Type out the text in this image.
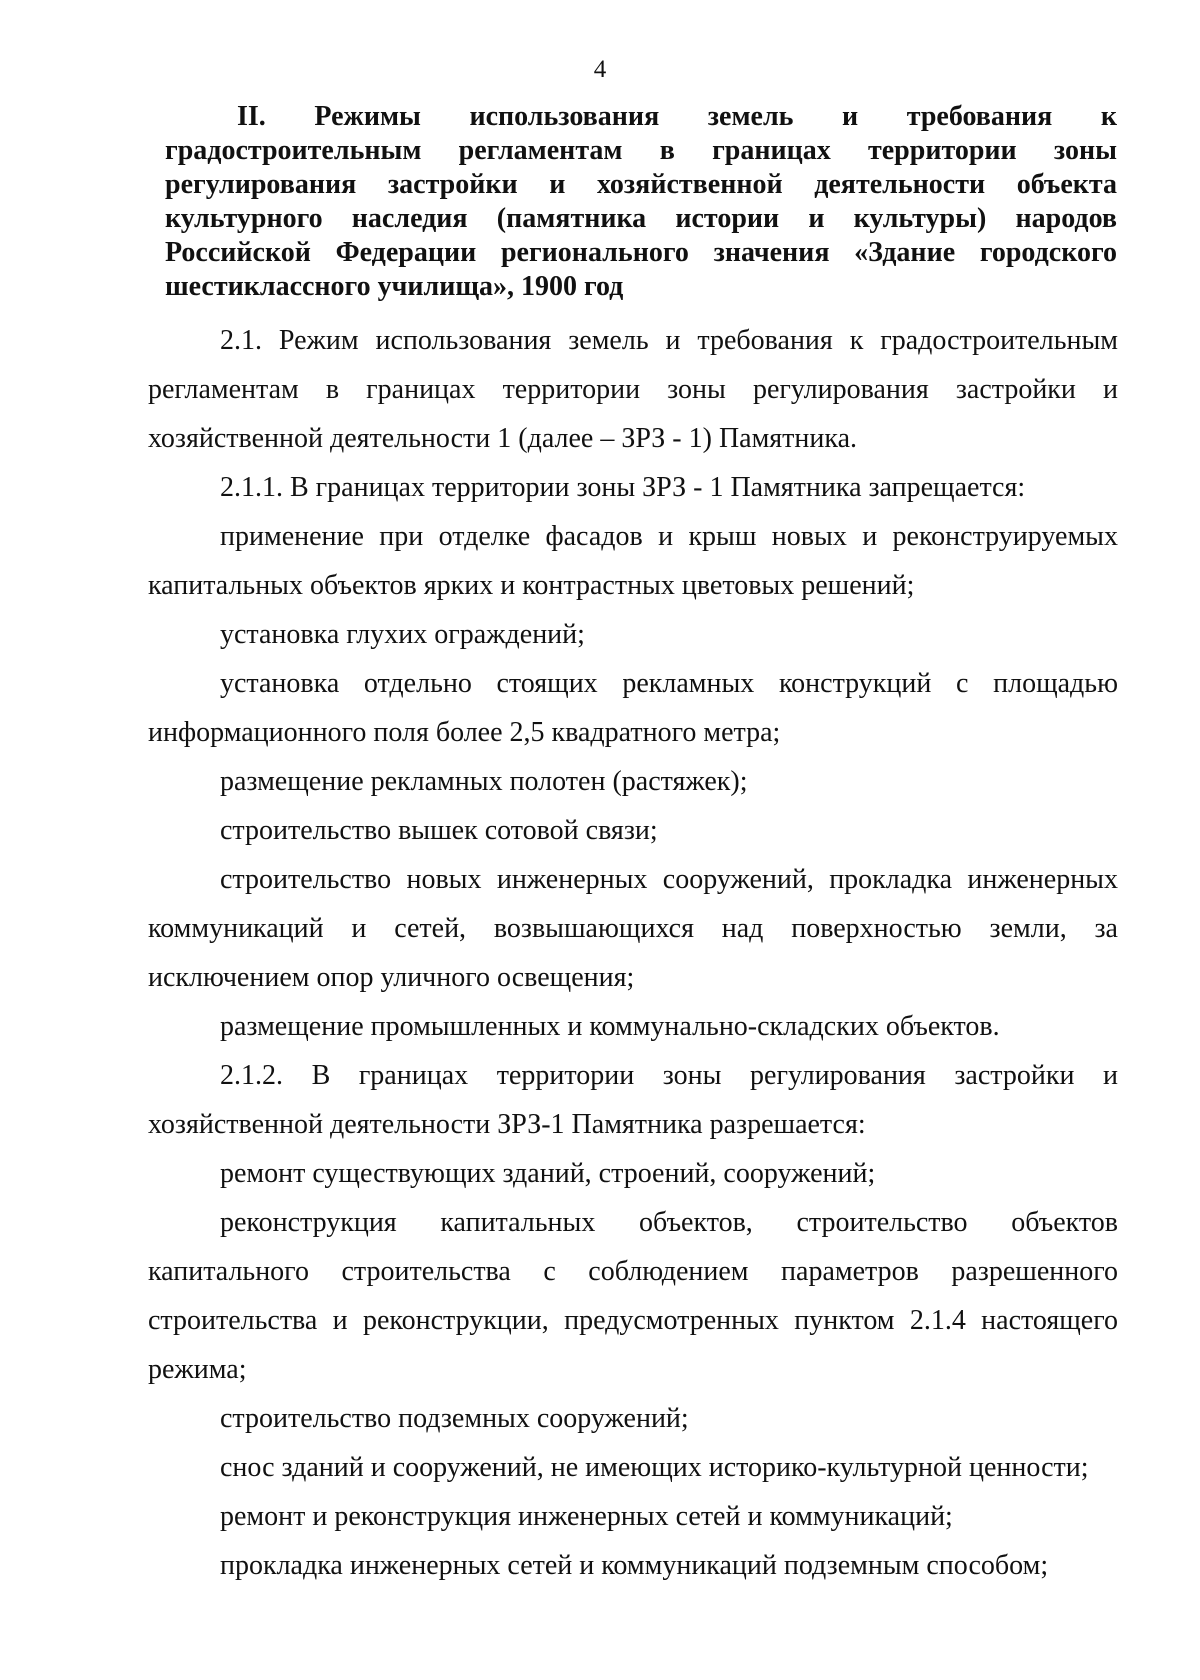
4
II. Режимы использования земель и требования к
градостроительным регламентам в границах территории зоны
регулирования застройки и хозяйственной деятельности объекта
культурного наследия (памятника истории и культуры) народов
Российской Федерации регионального значения «Здание городского
шестиклассного училища», 1900 год
2.1. Режим использования земель и требования к градостроительным
регламентам в границах территории зоны регулирования застройки и
хозяйственной деятельности 1 (далее – ЗРЗ - 1) Памятника.
2.1.1. В границах территории зоны ЗРЗ - 1 Памятника запрещается:
применение при отделке фасадов и крыш новых и реконструируемых
капитальных объектов ярких и контрастных цветовых решений;
установка глухих ограждений;
установка отдельно стоящих рекламных конструкций с площадью
информационного поля более 2,5 квадратного метра;
размещение рекламных полотен (растяжек);
строительство вышек сотовой связи;
строительство новых инженерных сооружений, прокладка инженерных
коммуникаций и сетей, возвышающихся над поверхностью земли, за
исключением опор уличного освещения;
размещение промышленных и коммунально-складских объектов.
2.1.2. В границах территории зоны регулирования застройки и
хозяйственной деятельности ЗРЗ-1 Памятника разрешается:
ремонт существующих зданий, строений, сооружений;
реконструкция капитальных объектов, строительство объектов
капитального строительства с соблюдением параметров разрешенного
строительства и реконструкции, предусмотренных пунктом 2.1.4 настоящего
режима;
строительство подземных сооружений;
снос зданий и сооружений, не имеющих историко-культурной ценности;
ремонт и реконструкция инженерных сетей и коммуникаций;
прокладка инженерных сетей и коммуникаций подземным способом;
